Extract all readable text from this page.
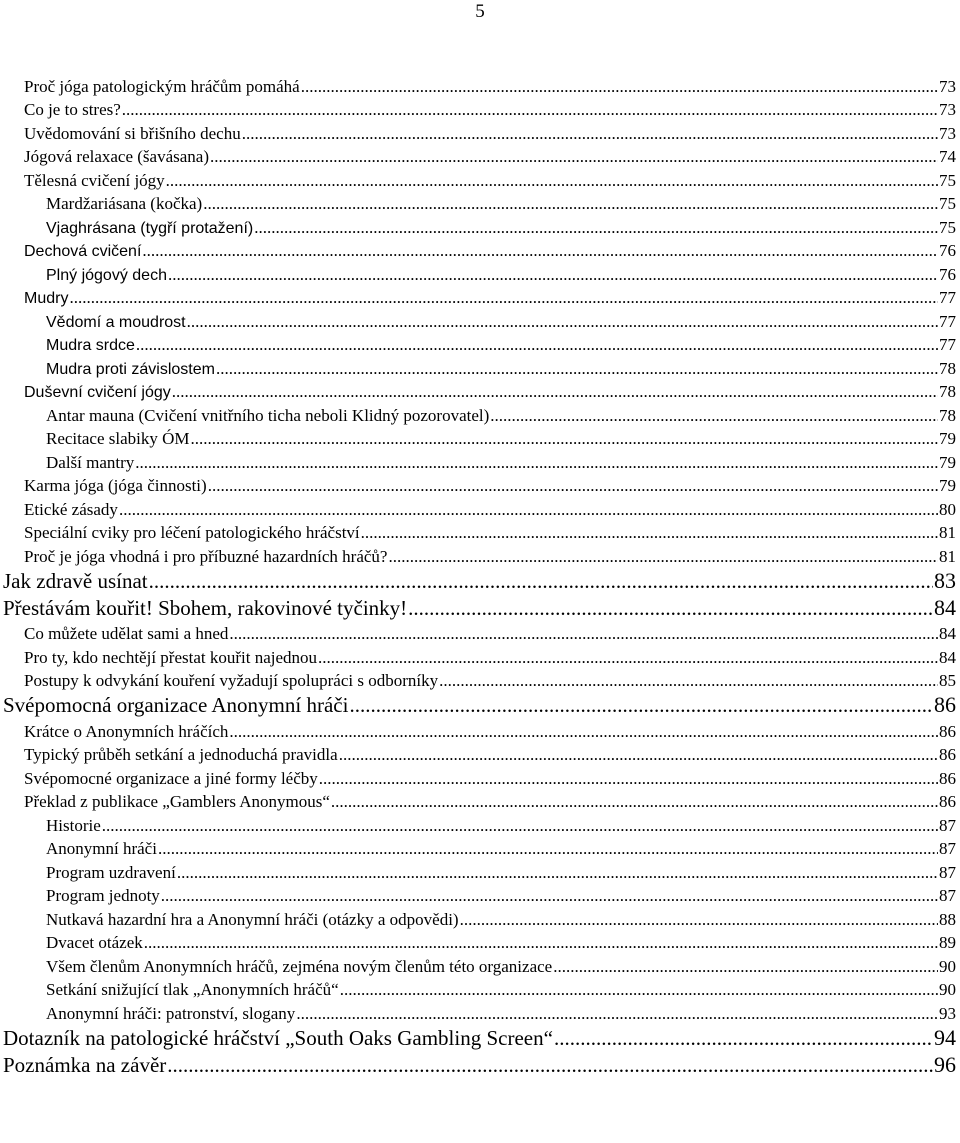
5
Proč jóga patologickým hráčům pomáhá .....	73
Co je to stres? .....	73
Uvědomování si břišního dechu .....	73
Jógová relaxace (šavásana) .....	74
Tělesná cvičení jógy .....	75
Mardžariásana (kočka) .....	75
Vjaghrásana (tygří protažení) .....	75
Dechová cvičení .....	76
Plný jógový dech .....	76
Mudry .....	77
Vědomí a moudrost .....	77
Mudra srdce .....	77
Mudra proti závislostem .....	78
Duševní cvičení jógy .....	78
Antar mauna (Cvičení vnitřního ticha neboli Klidný pozorovatel) .....	78
Recitace slabiky ÓM .....	79
Další mantry .....	79
Karma jóga (jóga činnosti) .....	79
Etické zásady .....	80
Speciální cviky pro léčení patologického hráčství .....	81
Proč je jóga vhodná i pro příbuzné hazardních hráčů? .....	81
Jak zdravě usínat .....	83
Přestávám kouřit! Sbohem, rakovinové tyčinky! .....	84
Co můžete udělat sami a hned .....	84
Pro ty, kdo nechtějí přestat kouřit najednou .....	84
Postupy k odvykání kouření vyžadují spolupráci s odborníky .....	85
Svépomocná organizace Anonymní hráči .....	86
Krátce o Anonymních hráčích .....	86
Typický průběh setkání a jednoduchá pravidla .....	86
Svépomocné organizace a jiné formy léčby .....	86
Překlad z publikace „Gamblers Anonymous“ .....	86
Historie .....	87
Anonymní hráči .....	87
Program uzdravení .....	87
Program jednoty .....	87
Nutkavá hazardní hra a Anonymní hráči (otázky a odpovědi) .....	88
Dvacet otázek .....	89
Všem členům Anonymních hráčů, zejména novým členům této organizace .....	90
Setkání snižující tlak „Anonymních hráčů“ .....	90
Anonymní hráči: patronství, slogany .....	93
Dotazník na patologické hráčství „South Oaks Gambling Screen“ .....	94
Poznámka na závěr .....	96
